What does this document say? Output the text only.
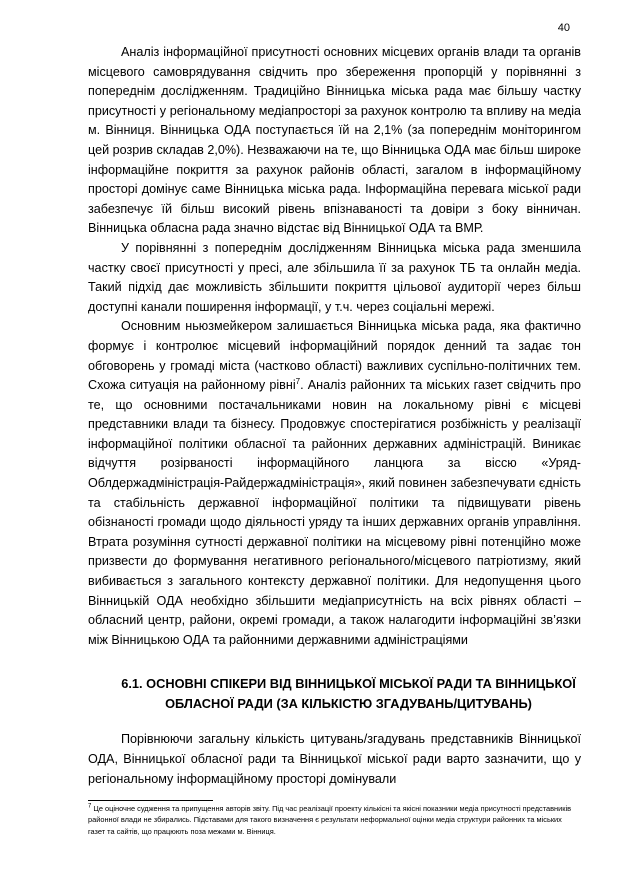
40

Аналіз інформаційної присутності основних місцевих органів влади та органів місцевого самоврядування свідчить про збереження пропорцій у порівнянні з попереднім дослідженням. Традиційно Вінницька міська рада має більшу частку присутності у регіональному медіапросторі за рахунок контролю та впливу на медіа м. Вінниця. Вінницька ОДА поступається їй на 2,1% (за попереднім моніторингом цей розрив складав 2,0%). Незважаючи на те, що Вінницька ОДА має більш широке інформаційне покриття за рахунок районів області, загалом в інформаційному просторі домінує саме Вінницька міська рада. Інформаційна перевага міської ради забезпечує їй більш високий рівень впізнаваності та довіри з боку вінничан. Вінницька обласна рада значно відстає від Вінницької ОДА та ВМР.

У порівнянні з попереднім дослідженням Вінницька міська рада зменшила частку своєї присутності у пресі, але збільшила її за рахунок ТБ та онлайн медіа. Такий підхід дає можливість збільшити покриття цільової аудиторії через більш доступні канали поширення інформації, у т.ч. через соціальні мережі.

Основним ньюзмейкером залишається Вінницька міська рада, яка фактично формує і контролює місцевий інформаційний порядок денний та задає тон обговорень у громаді міста (частково області) важливих суспільно-політичних тем. Схожа ситуація на районному рівні$^7$. Аналіз районних та міських газет свідчить про те, що основними постачальниками новин на локальному рівні є місцеві представники влади та бізнесу. Продовжує спостерігатися розбіжність у реалізації інформаційної політики обласної та районних державних адміністрацій. Виникає відчуття розірваності інформаційного ланцюга за віссю «Уряд-Облдержадміністрація-Райдержадміністрація», який повинен забезпечувати єдність та стабільність державної інформаційної політики та підвищувати рівень обізнаності громади щодо діяльності уряду та інших державних органів управління. Втрата розуміння сутності державної політики на місцевому рівні потенційно може призвести до формування негативного регіонального/місцевого патріотизму, який вибивається з загального контексту державної політики. Для недопущення цього Вінницькій ОДА необхідно збільшити медіаприсутність на всіх рівнях області – обласний центр, райони, окремі громади, а також налагодити інформаційні зв’язки між Вінницькою ОДА та районними державними адміністраціями

6.1. ОСНОВНІ СПІКЕРИ ВІД ВІННИЦЬКОЇ МІСЬКОЇ РАДИ ТА ВІННИЦЬКОЇ
ОБЛАСНОЇ РАДИ (ЗА КІЛЬКІСТЮ ЗГАДУВАНЬ/ЦИТУВАНЬ)

Порівнюючи загальну кількість цитувань/згадувань представників Вінницької ОДА, Вінницької обласної ради та Вінницької міської ради варто зазначити, що у регіональному інформаційному просторі домінували

$^7$ Це оціночне судження та припущення авторів звіту. Під час реалізації проекту кількісні та якісні показники медіа присутності представників районної влади не збирались. Підставами для такого визначення є результати неформальної оцінки медіа структури районних та міських газет та сайтів, що працюють поза межами м. Вінниця.
